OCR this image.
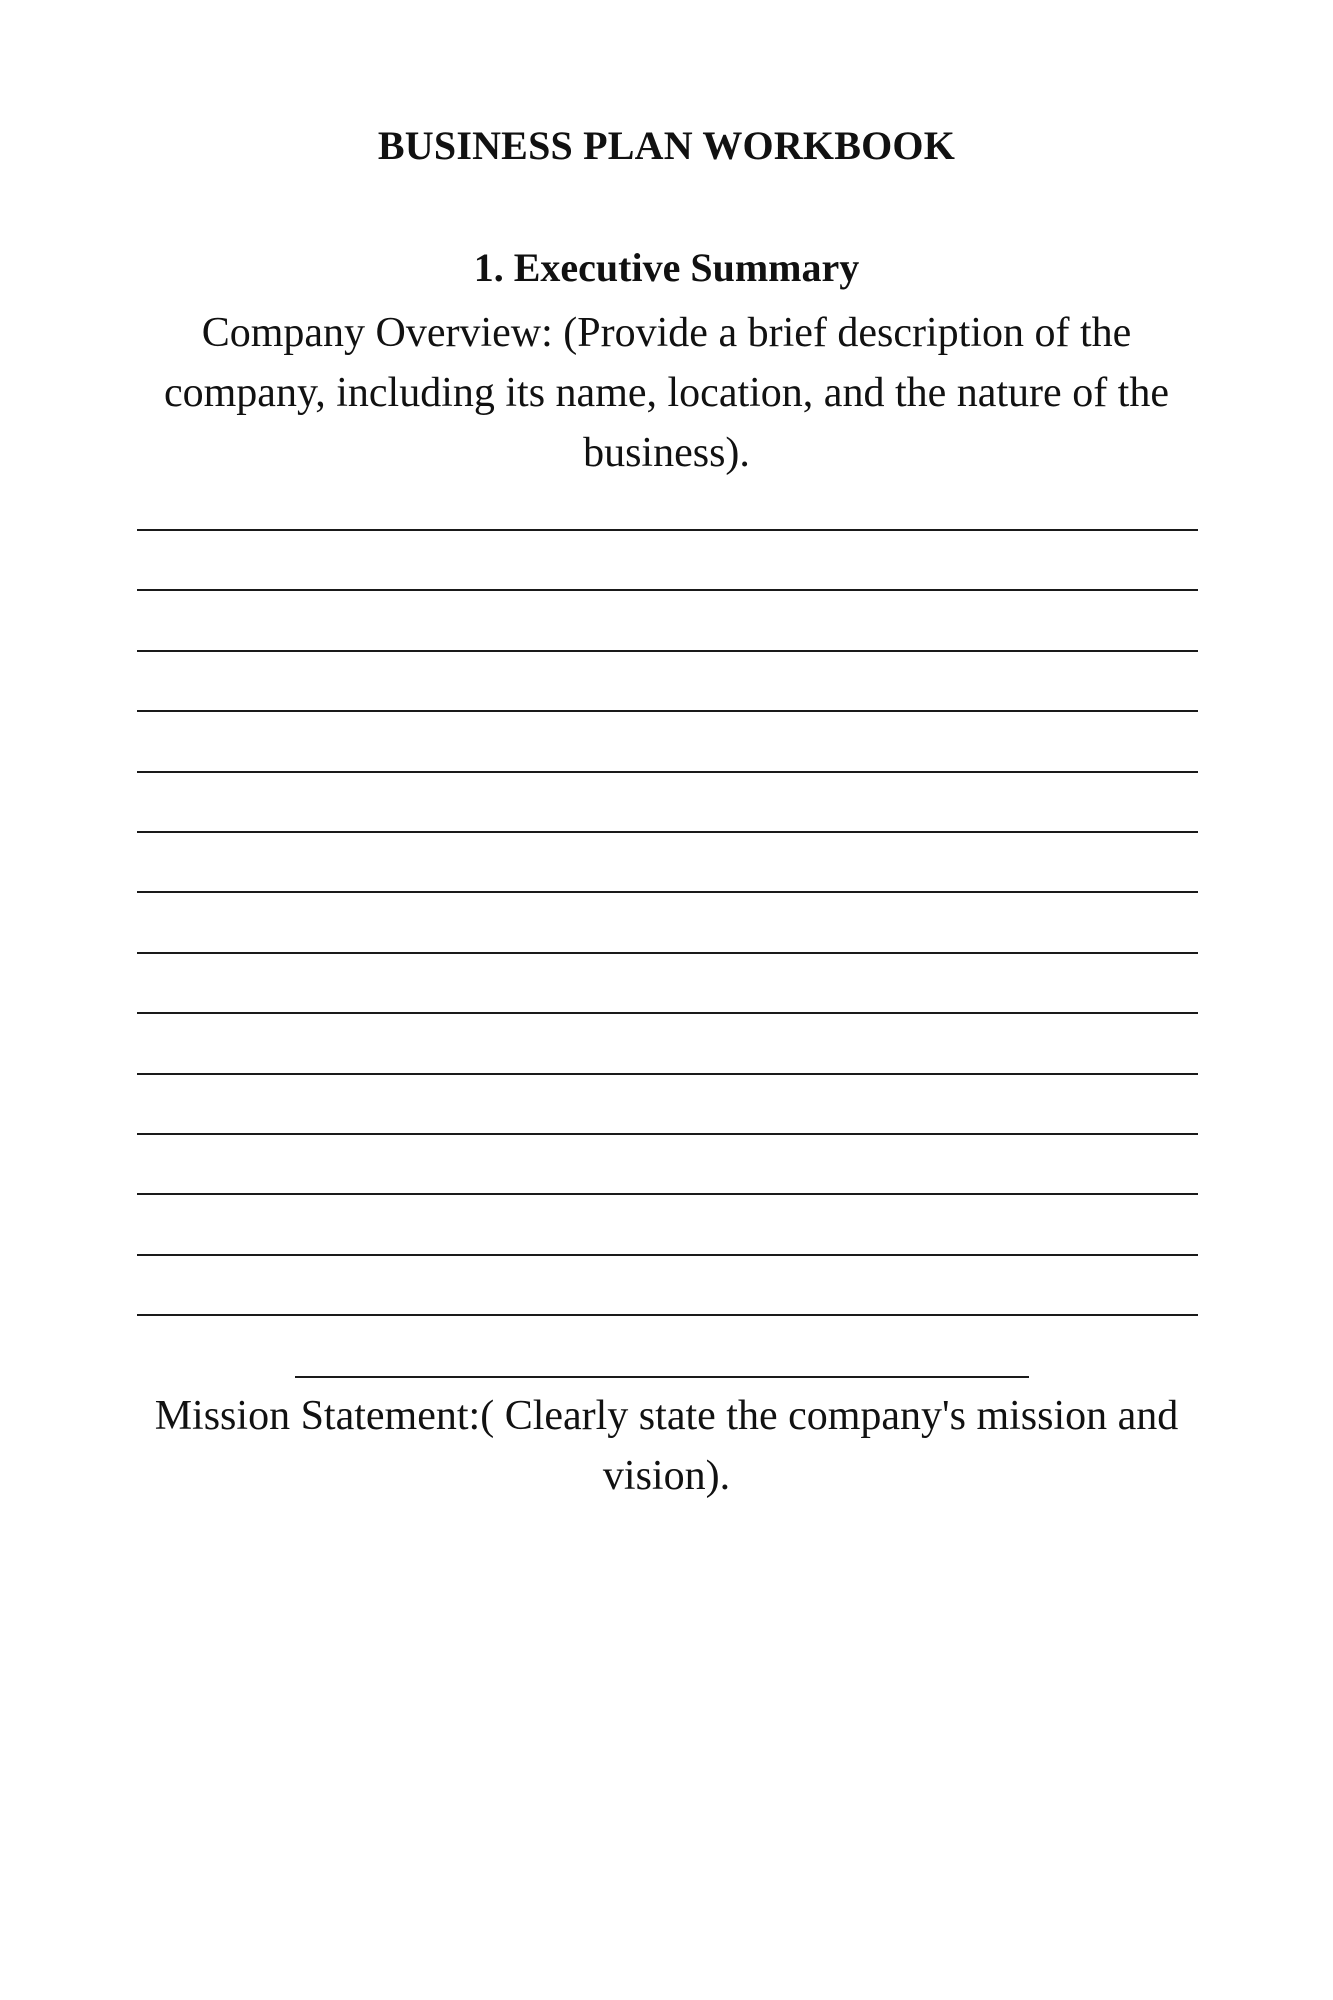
BUSINESS PLAN WORKBOOK
1. Executive Summary
Company Overview: (Provide a brief description of the company, including its name, location, and the nature of the business).
Mission Statement:( Clearly state the company's mission and vision).
